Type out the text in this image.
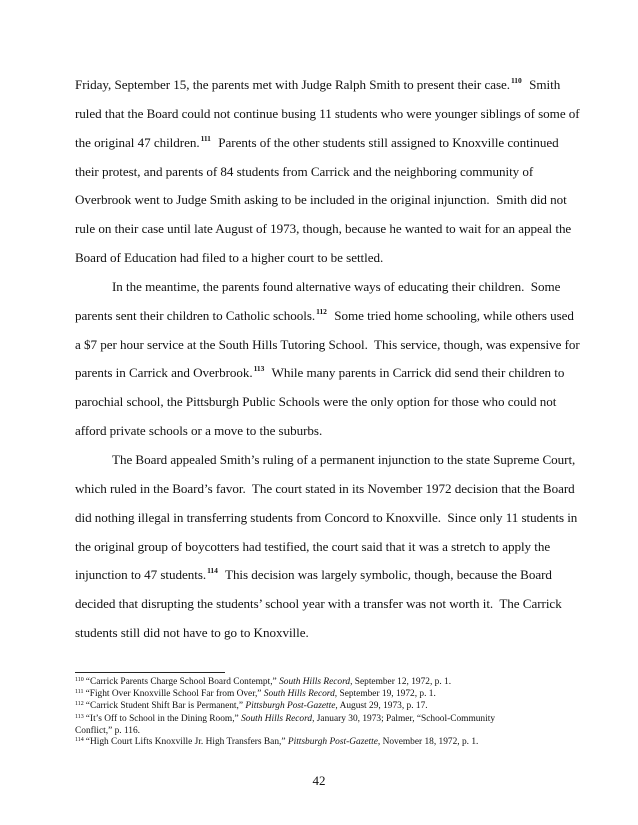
Friday, September 15, the parents met with Judge Ralph Smith to present their case.$^{110}$  Smith
ruled that the Board could not continue busing 11 students who were younger siblings of some of
the original 47 children.$^{111}$  Parents of the other students still assigned to Knoxville continued
their protest, and parents of 84 students from Carrick and the neighboring community of
Overbrook went to Judge Smith asking to be included in the original injunction.  Smith did not
rule on their case until late August of 1973, though, because he wanted to wait for an appeal the
Board of Education had filed to a higher court to be settled.
In the meantime, the parents found alternative ways of educating their children.  Some
parents sent their children to Catholic schools.$^{112}$  Some tried home schooling, while others used
a $7 per hour service at the South Hills Tutoring School.  This service, though, was expensive for
parents in Carrick and Overbrook.$^{113}$  While many parents in Carrick did send their children to
parochial school, the Pittsburgh Public Schools were the only option for those who could not
afford private schools or a move to the suburbs.
The Board appealed Smith’s ruling of a permanent injunction to the state Supreme Court,
which ruled in the Board’s favor.  The court stated in its November 1972 decision that the Board
did nothing illegal in transferring students from Concord to Knoxville.  Since only 11 students in
the original group of boycotters had testified, the court said that it was a stretch to apply the
injunction to 47 students.$^{114}$  This decision was largely symbolic, though, because the Board
decided that disrupting the students’ school year with a transfer was not worth it.  The Carrick
students still did not have to go to Knoxville.
$^{110}$ “Carrick Parents Charge School Board Contempt,” South Hills Record, September 12, 1972, p. 1.
$^{111}$ “Fight Over Knoxville School Far from Over,” South Hills Record, September 19, 1972, p. 1.
$^{112}$ “Carrick Student Shift Bar is Permanent,” Pittsburgh Post-Gazette, August 29, 1973, p. 17.
$^{113}$ “It’s Off to School in the Dining Room,” South Hills Record, January 30, 1973; Palmer, “School-Community
Conflict,” p. 116.
$^{114}$ “High Court Lifts Knoxville Jr. High Transfers Ban,” Pittsburgh Post-Gazette, November 18, 1972, p. 1.
42
